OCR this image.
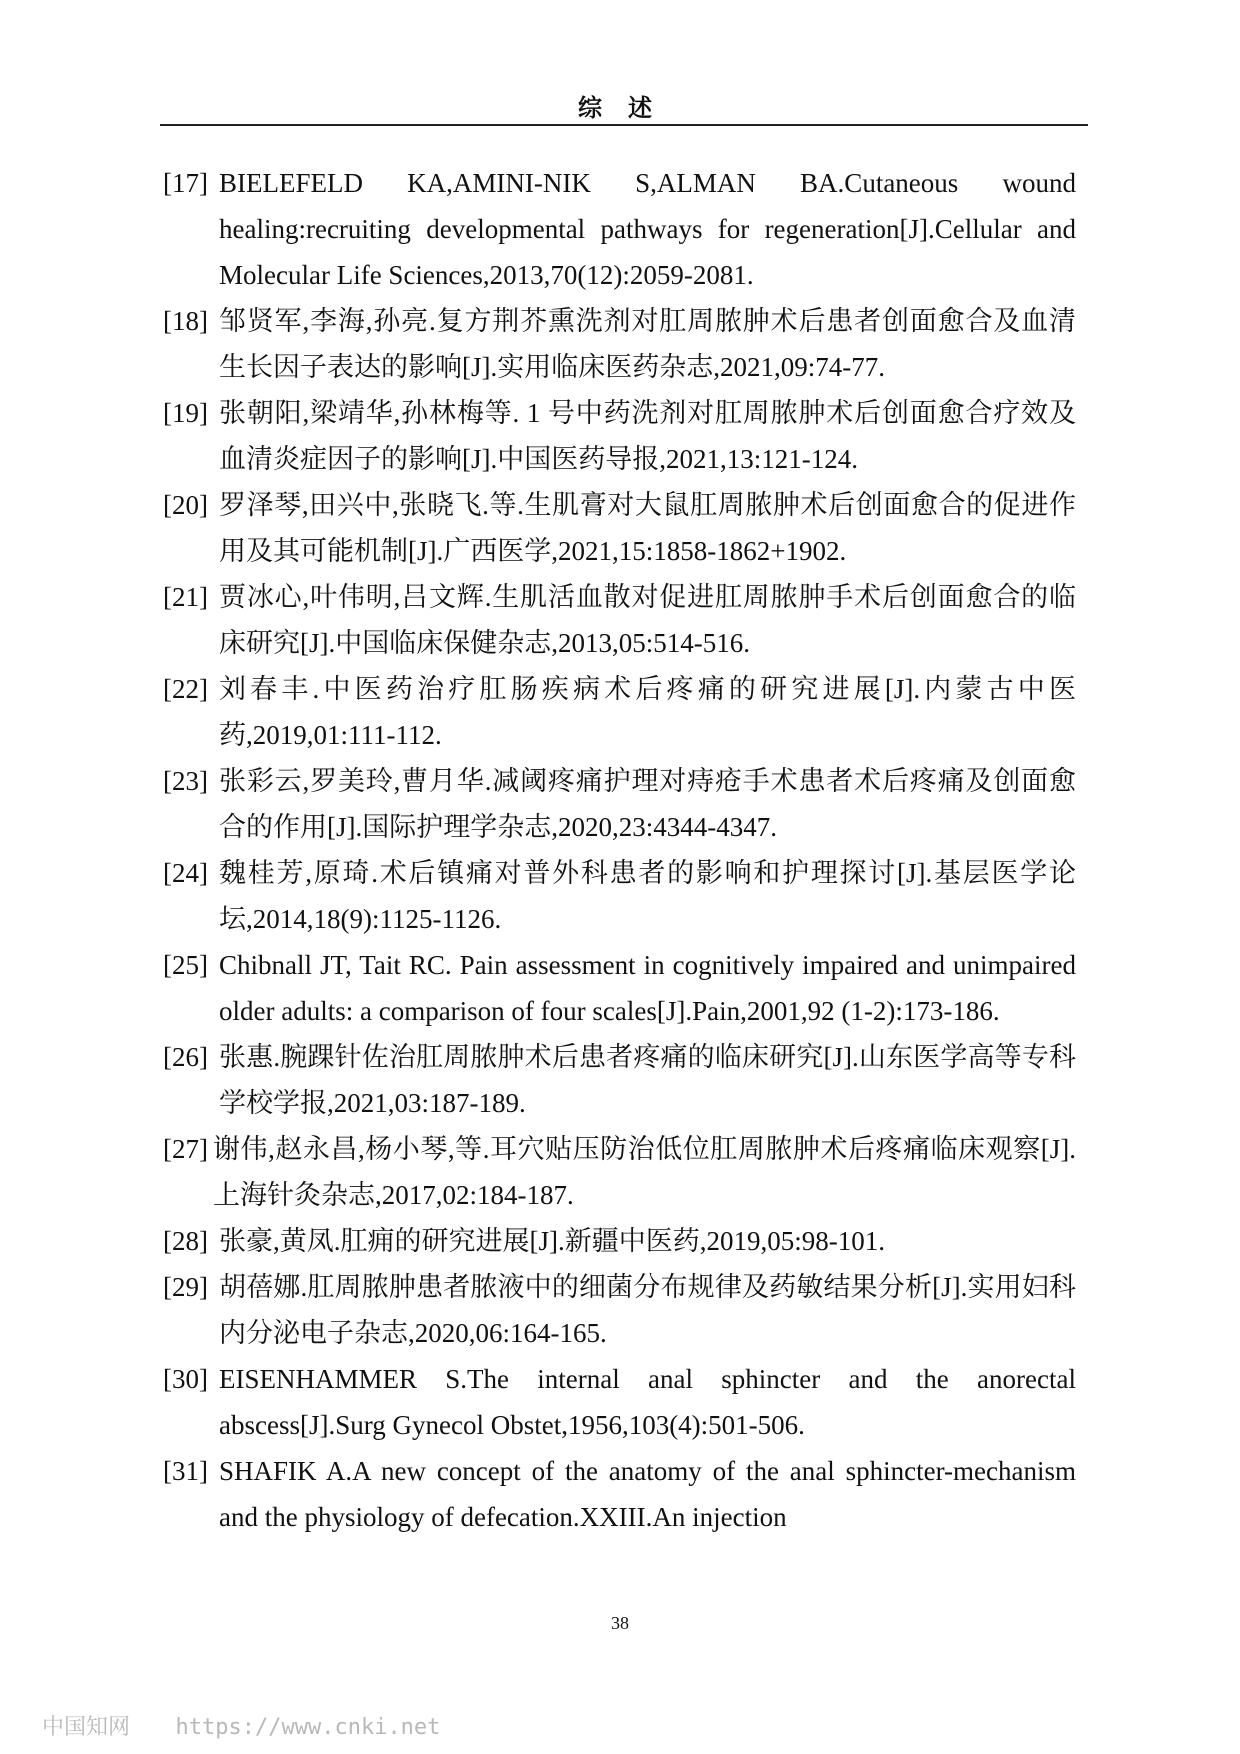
综 述
[17] BIELEFELD KA,AMINI-NIK S,ALMAN BA.Cutaneous wound healing:recruiting developmental pathways for regeneration[J].Cellular and Molecular Life Sciences,2013,70(12):2059-2081.
[18] 邹贤军,李海,孙亮.复方荆芥熏洗剂对肛周脓肿术后患者创面愈合及血清生长因子表达的影响[J].实用临床医药杂志,2021,09:74-77.
[19] 张朝阳,梁靖华,孙林梅等. 1 号中药洗剂对肛周脓肿术后创面愈合疗效及血清炎症因子的影响[J].中国医药导报,2021,13:121-124.
[20] 罗泽琴,田兴中,张晓飞.等.生肌膏对大鼠肛周脓肿术后创面愈合的促进作用及其可能机制[J].广西医学,2021,15:1858-1862+1902.
[21] 贾冰心,叶伟明,吕文辉.生肌活血散对促进肛周脓肿手术后创面愈合的临床研究[J].中国临床保健杂志,2013,05:514-516.
[22] 刘春丰.中医药治疗肛肠疾病术后疼痛的研究进展[J].内蒙古中医药,2019,01:111-112.
[23] 张彩云,罗美玲,曹月华.减阈疼痛护理对痔疮手术患者术后疼痛及创面愈合的作用[J].国际护理学杂志,2020,23:4344-4347.
[24] 魏桂芳,原琦.术后镇痛对普外科患者的影响和护理探讨[J].基层医学论坛,2014,18(9):1125-1126.
[25] Chibnall JT, Tait RC. Pain assessment in cognitively impaired and unimpaired older adults: a comparison of four scales[J].Pain,2001,92 (1-2):173-186.
[26] 张惠.腕踝针佐治肛周脓肿术后患者疼痛的临床研究[J].山东医学高等专科学校学报,2021,03:187-189.
[27] 谢伟,赵永昌,杨小琴,等.耳穴贴压防治低位肛周脓肿术后疼痛临床观察[J].上海针灸杂志,2017,02:184-187.
[28] 张豪,黄凤.肛痈的研究进展[J].新疆中医药,2019,05:98-101.
[29] 胡蓓娜.肛周脓肿患者脓液中的细菌分布规律及药敏结果分析[J].实用妇科内分泌电子杂志,2020,06:164-165.
[30] EISENHAMMER S.The internal anal sphincter and the anorectal abscess[J].Surg Gynecol Obstet,1956,103(4):501-506.
[31] SHAFIK A.A new concept of the anatomy of the anal sphincter-mechanism and the physiology of defecation.XXIII.An injection
38
中国知网 https://www.cnki.net
